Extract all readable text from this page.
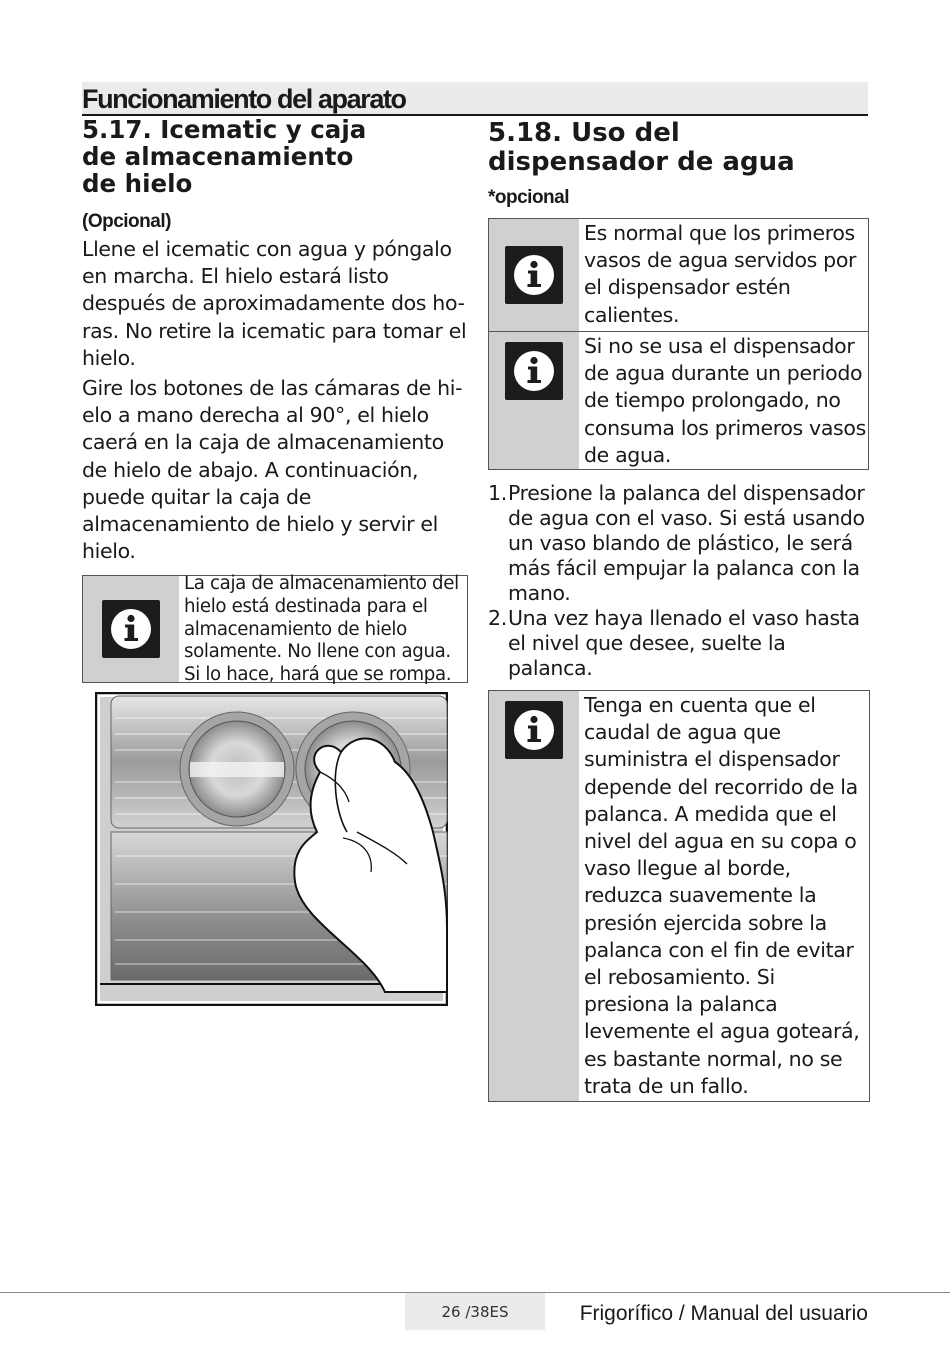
Funcionamiento del aparato
5.17. Icematic y caja
de almacenamiento
de hielo
(Opcional)

Llene el icematic con agua y póngalo en marcha. El hielo estará listo después de aproximadamente dos ho-ras. No retire la icematic para tomar el hielo.

Gire los botones de las cámaras de hi-elo a mano derecha al 90°, el hielo caerá en la caja de almacenamiento de hielo de abajo. A continuación, puede quitar la caja de almacenamiento de hielo y servir el hielo.

La caja de almacenamiento del hielo está destinada para el almacenamiento de hielo solamente. No llene con agua. Si lo hace, hará que se rompa.
5.18. Uso del
dispensador de agua
*opcional
Es normal que los primeros vasos de agua servidos por el dispensador estén calientes.
Si no se usa el dispensador de agua durante un periodo de tiempo prolongado, no consuma los primeros vasos de agua.
1. Presione la palanca del dispensador de agua con el vaso. Si está usando un vaso blando de plástico, le será más fácil empujar la palanca con la mano.
2. Una vez haya llenado el vaso hasta el nivel que desee, suelte la palanca.
Tenga en cuenta que el caudal de agua que suministra el dispensador depende del recorrido de la palanca. A medida que el nivel del agua en su copa o vaso llegue al borde, reduzca suavemente la presión ejercida sobre la palanca con el fin de evitar el rebosamiento. Si presiona la palanca levemente el agua goteará, es bastante normal, no se trata de un fallo.
26 /38ES	Frigorífico / Manual del usuario
